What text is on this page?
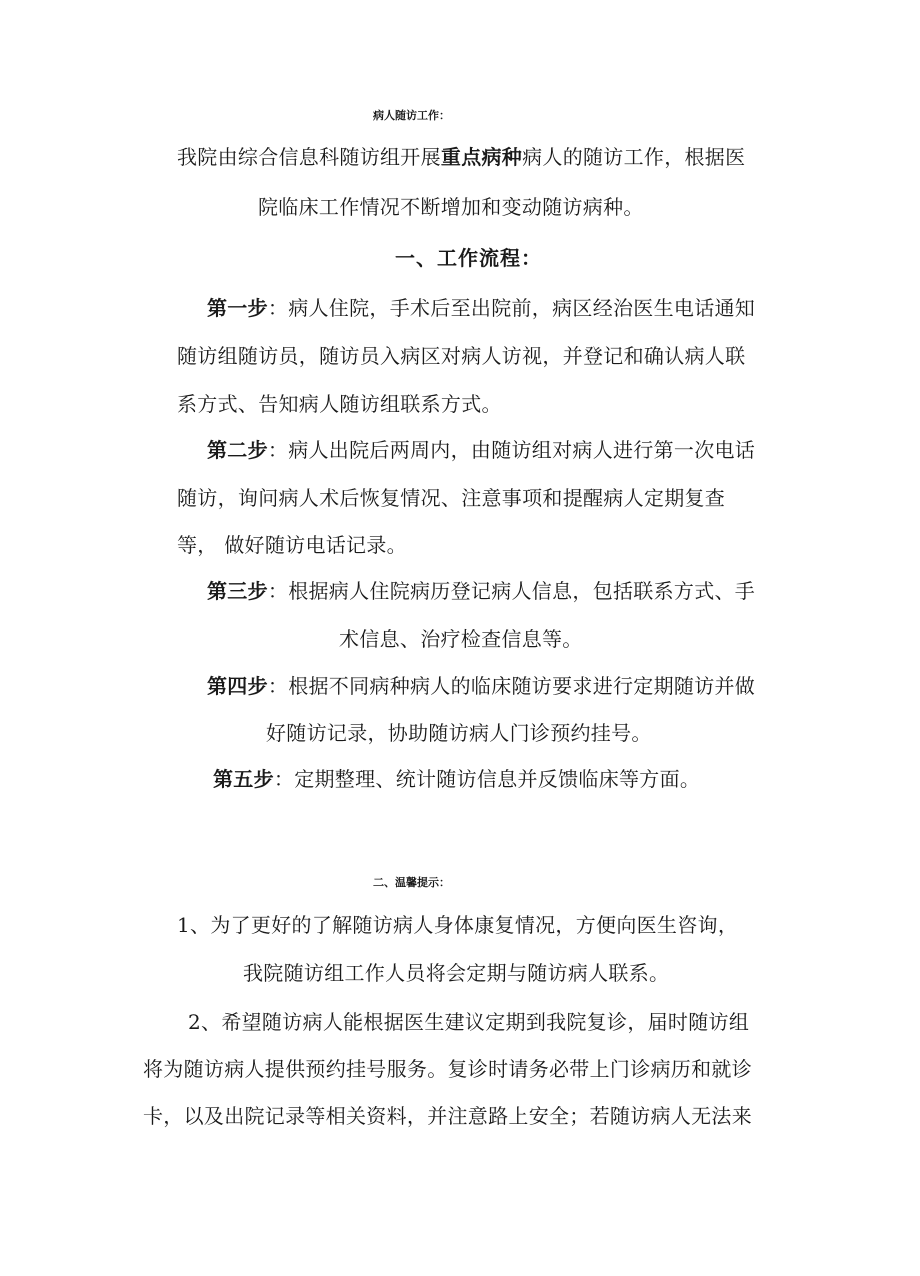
病人随访工作：
我院由综合信息科随访组开展重点病种病人的随访工作，根据医
院临床工作情况不断增加和变动随访病种。
一、工作流程：
第一步：病人住院，手术后至出院前，病区经治医生电话通知
随访组随访员，随访员入病区对病人访视，并登记和确认病人联
系方式、告知病人随访组联系方式。
第二步：病人出院后两周内，由随访组对病人进行第一次电话
随访，询问病人术后恢复情况、注意事项和提醒病人定期复查
等， 做好随访电话记录。
第三步：根据病人住院病历登记病人信息，包括联系方式、手
术信息、治疗检查信息等。
第四步：根据不同病种病人的临床随访要求进行定期随访并做
好随访记录，协助随访病人门诊预约挂号。
第五步：定期整理、统计随访信息并反馈临床等方面。
二、温馨提示：
1、为了更好的了解随访病人身体康复情况，方便向医生咨询，
我院随访组工作人员将会定期与随访病人联系。
2、希望随访病人能根据医生建议定期到我院复诊，届时随访组
将为随访病人提供预约挂号服务。复诊时请务必带上门诊病历和就诊
卡，以及出院记录等相关资料，并注意路上安全；若随访病人无法来
